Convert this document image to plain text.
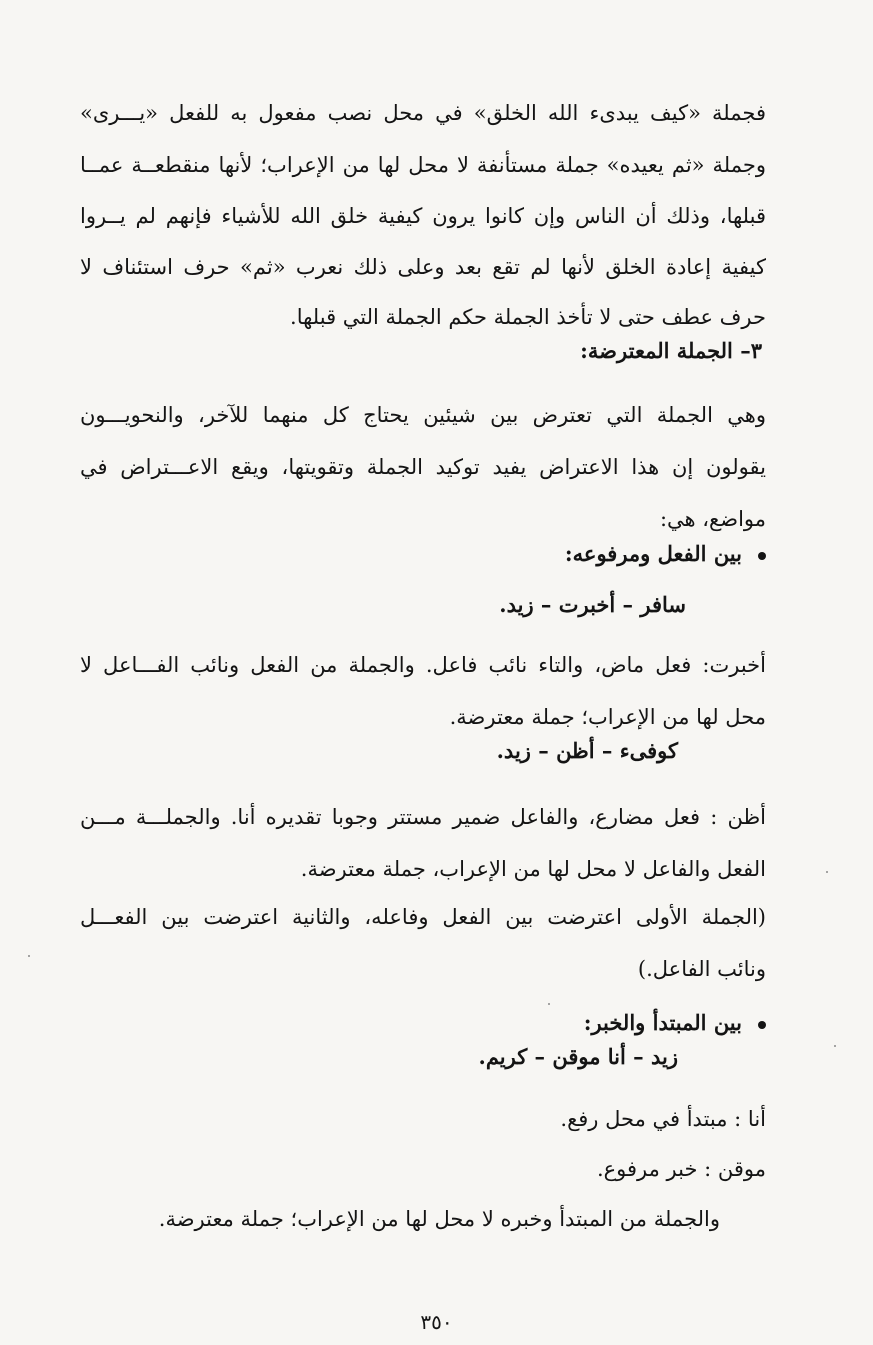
فجملة «كيف يبدىء الله الخلق» في محل نصب مفعول به للفعل «يـــرى»
وجملة «ثم يعيده» جملة مستأنفة لا محل لها من الإعراب؛ لأنها منقطعــة عمــا
قبلها، وذلك أن الناس وإن كانوا يرون كيفية خلق الله للأشياء فإنهم لم يــروا
كيفية إعادة الخلق لأنها لم تقع بعد وعلى ذلك نعرب «ثم» حرف استئناف لا
حرف عطف حتى لا تأخذ الجملة حكم الجملة التي قبلها.
٣– الجملة المعترضة:
وهي الجملة التي تعترض بين شيئين يحتاج كل منهما للآخر، والنحويـــون
يقولون إن هذا الاعتراض يفيد توكيد الجملة وتقويتها، ويقع الاعـــتراض في
مواضع، هي:
بين الفعل ومرفوعه:
سافر – أخبرت – زيد.
أخبرت: فعل ماض، والتاء نائب فاعل. والجملة من الفعل ونائب الفـــاعل لا
محل لها من الإعراب؛ جملة معترضة.
كوفىء – أظن – زيد.
أظن : فعل مضارع، والفاعل ضمير مستتر وجوبا تقديره أنا. والجملـــة مـــن
الفعل والفاعل لا محل لها من الإعراب، جملة معترضة.
(الجملة الأولى اعترضت بين الفعل وفاعله، والثانية اعترضت بين الفعـــل
ونائب الفاعل.)
بين المبتدأ والخبر:
زيد – أنا موقن – كريم.
أنا : مبتدأ في محل رفع.
موقن : خبر مرفوع.
والجملة من المبتدأ وخبره لا محل لها من الإعراب؛ جملة معترضة.
٣٥٠
